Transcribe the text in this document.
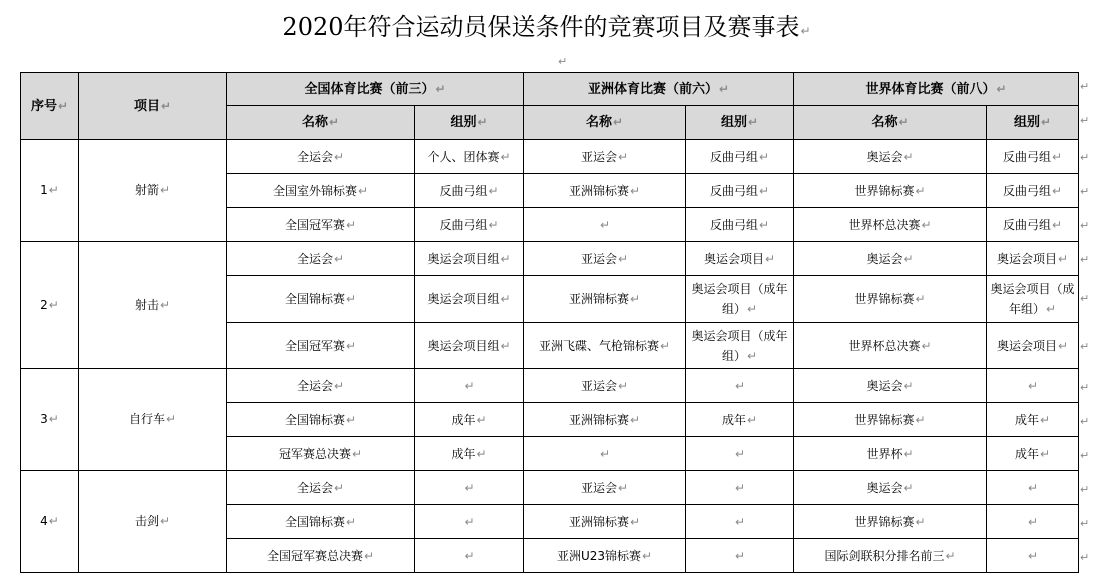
2020年符合运动员保送条件的竞赛项目及赛事表↵
↵
序号↵	项目↵	全国体育比赛（前三）↵		亚洲体育比赛（前六）↵		世界体育比赛（前八）↵	
		名称↵	组别↵	名称↵	组别↵	名称↵	组别↵
1↵	射箭↵	全运会↵	个人、团体赛↵	亚运会↵	反曲弓组↵	奥运会↵	反曲弓组↵
		全国室外锦标赛↵	反曲弓组↵	亚洲锦标赛↵	反曲弓组↵	世界锦标赛↵	反曲弓组↵
		全国冠军赛↵	反曲弓组↵	↵	反曲弓组↵	世界杯总决赛↵	反曲弓组↵
2↵	射击↵	全运会↵	奥运会项目组↵	亚运会↵	奥运会项目↵	奥运会↵	奥运会项目↵
		全国锦标赛↵	奥运会项目组↵	亚洲锦标赛↵	奥运会项目（成年组）↵	世界锦标赛↵	奥运会项目（成年组）↵
		全国冠军赛↵	奥运会项目组↵	亚洲飞碟、气枪锦标赛↵	奥运会项目（成年组）↵	世界杯总决赛↵	奥运会项目↵
3↵	自行车↵	全运会↵	↵	亚运会↵	↵	奥运会↵	↵
		全国锦标赛↵	成年↵	亚洲锦标赛↵	成年↵	世界锦标赛↵	成年↵
		冠军赛总决赛↵	成年↵	↵	↵	世界杯↵	成年↵
4↵	击剑↵	全运会↵	↵	亚运会↵	↵	奥运会↵	↵
		全国锦标赛↵	↵	亚洲锦标赛↵	↵	世界锦标赛↵	↵
		全国冠军赛总决赛↵	↵	亚洲U23锦标赛↵	↵	国际剑联积分排名前三↵	↵
↵
↵
↵
↵
↵
↵
↵
↵
↵
↵
↵
↵
↵
↵
